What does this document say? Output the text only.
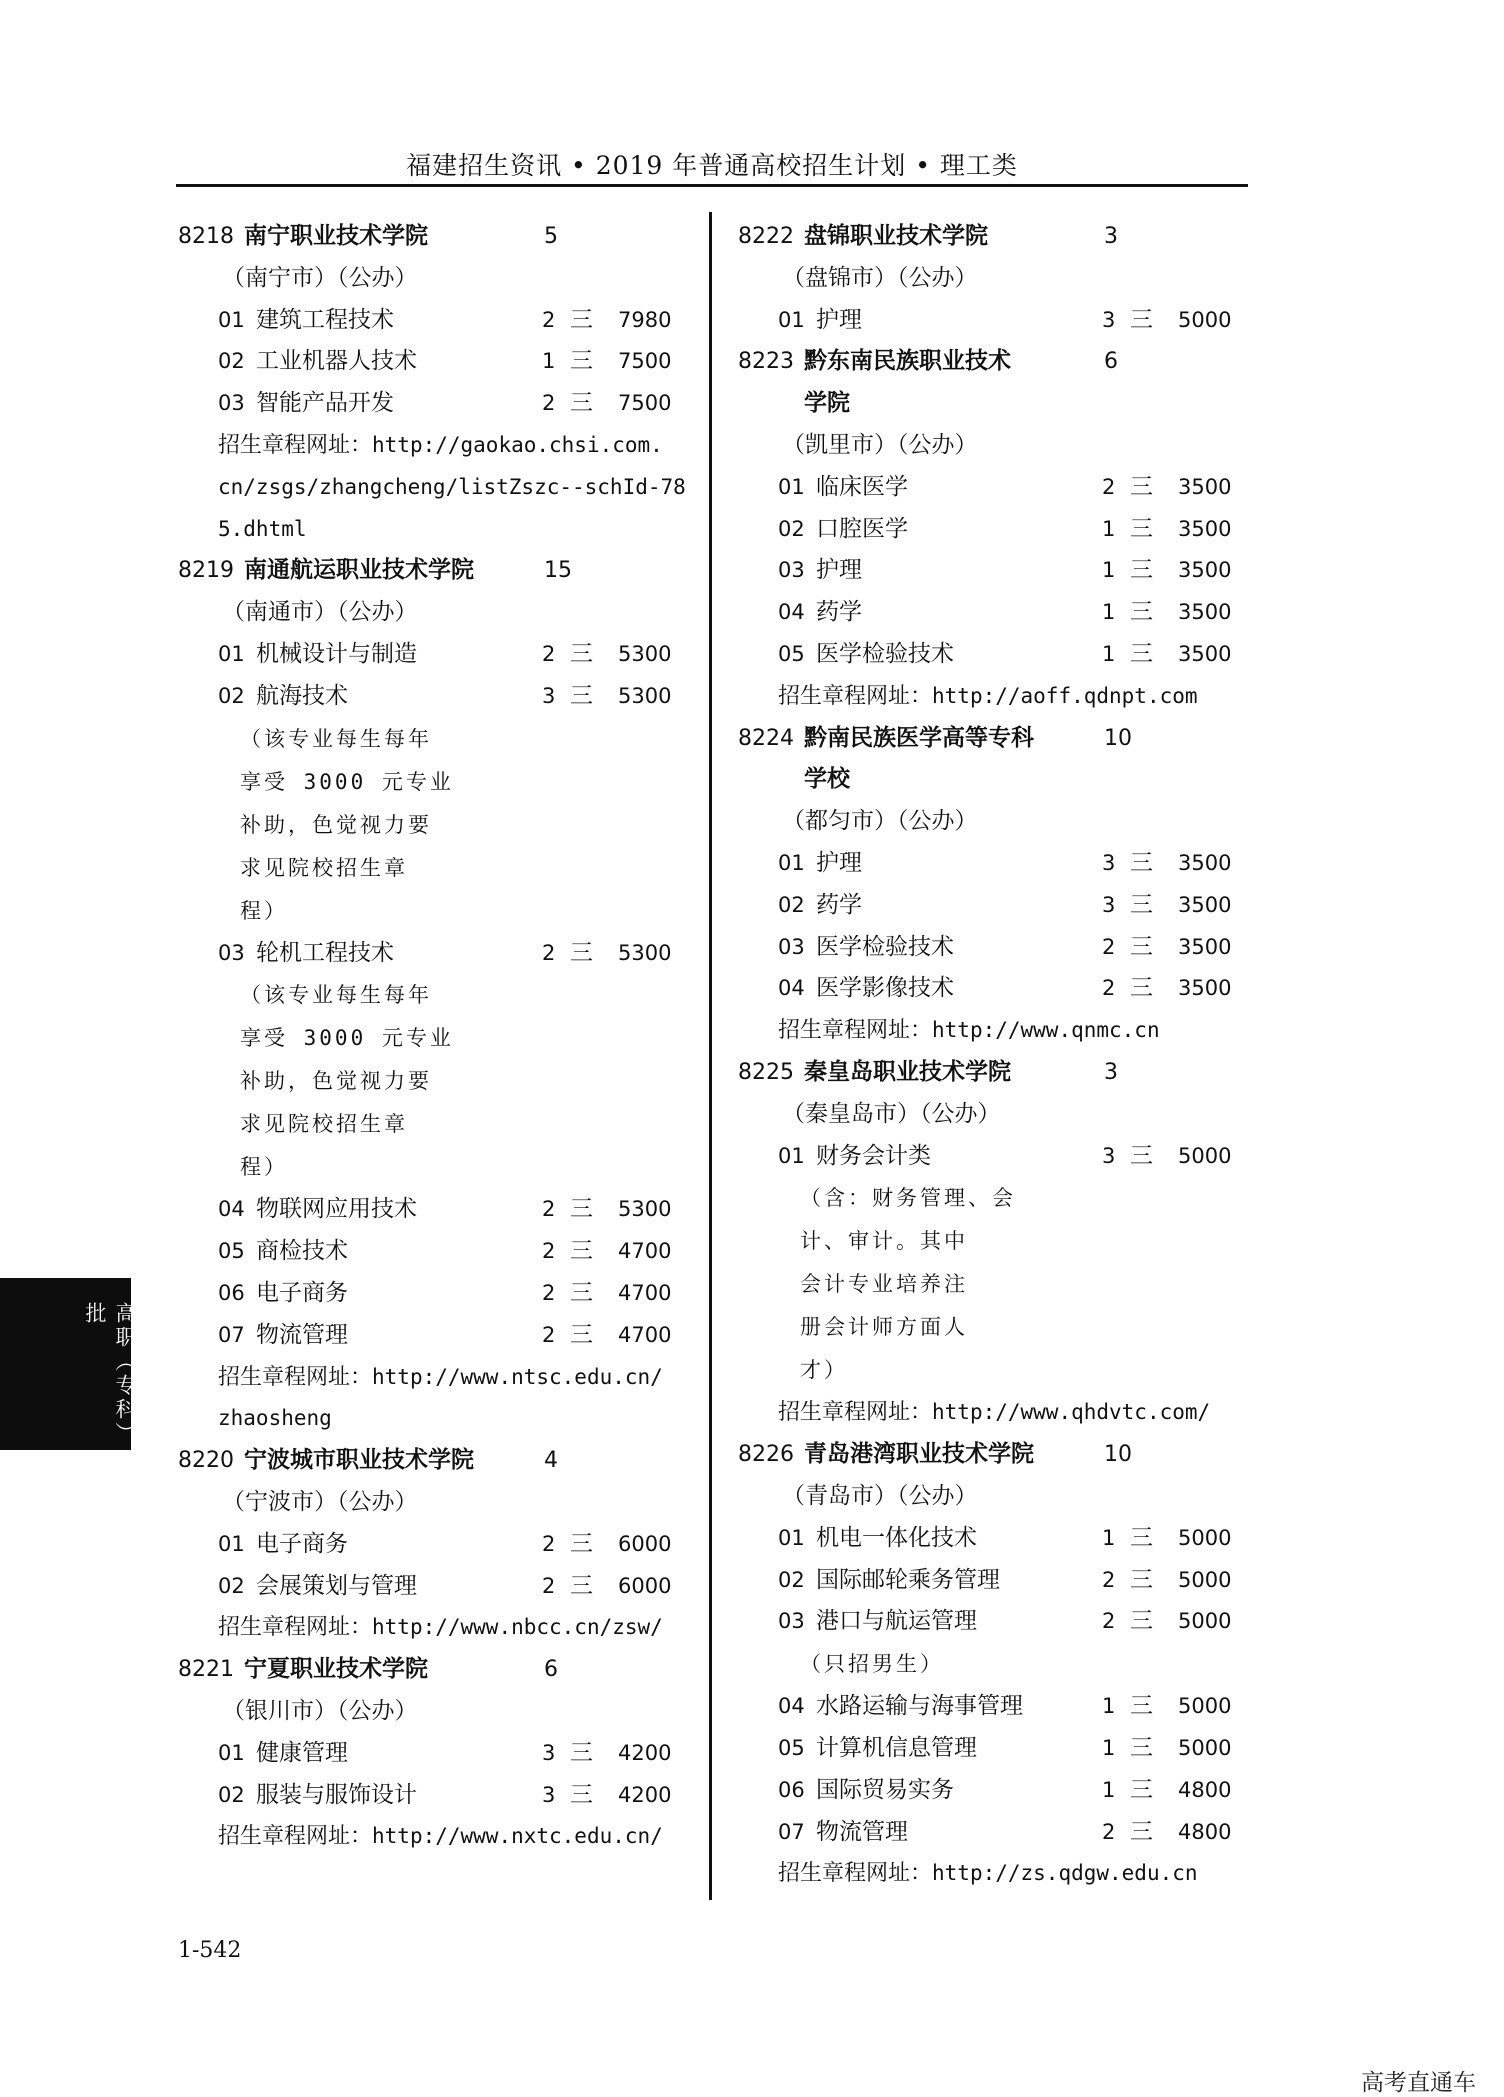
福建招生资讯 • 2019 年普通高校招生计划 • 理工类
8218 南宁职业技术学院	5
（南宁市）（公办）
01 建筑工程技术	2 三 7980
02 工业机器人技术	1 三 7500
03 智能产品开发	2 三 7500
招生章程网址：http://gaokao.chsi.com.
cn/zsgs/zhangcheng/listZszc--schId-78
5.dhtml
8219 南通航运职业技术学院	15
（南通市）（公办）
01 机械设计与制造	2 三 5300
02 航海技术	3 三 5300
（该专业每生每年
享受 3000 元专业
补助，色觉视力要
求见院校招生章
程）
03 轮机工程技术	2 三 5300
（该专业每生每年
享受 3000 元专业
补助，色觉视力要
求见院校招生章
程）
04 物联网应用技术	2 三 5300
05 商检技术	2 三 4700
06 电子商务	2 三 4700
07 物流管理	2 三 4700
招生章程网址：http://www.ntsc.edu.cn/
zhaosheng
8220 宁波城市职业技术学院	4
（宁波市）（公办）
01 电子商务	2 三 6000
02 会展策划与管理	2 三 6000
招生章程网址：http://www.nbcc.cn/zsw/
8221 宁夏职业技术学院	6
（银川市）（公办）
01 健康管理	3 三 4200
02 服装与服饰设计	3 三 4200
招生章程网址：http://www.nxtc.edu.cn/
8222 盘锦职业技术学院	3
（盘锦市）（公办）
01 护理	3 三 5000
8223 黔东南民族职业技术	6
学院
（凯里市）（公办）
01 临床医学	2 三 3500
02 口腔医学	1 三 3500
03 护理	1 三 3500
04 药学	1 三 3500
05 医学检验技术	1 三 3500
招生章程网址：http://aoff.qdnpt.com
8224 黔南民族医学高等专科	10
学校
（都匀市）（公办）
01 护理	3 三 3500
02 药学	3 三 3500
03 医学检验技术	2 三 3500
04 医学影像技术	2 三 3500
招生章程网址：http://www.qnmc.cn
8225 秦皇岛职业技术学院	3
（秦皇岛市）（公办）
01 财务会计类	3 三 5000
（含：财务管理、会
计、审计。其中
会计专业培养注
册会计师方面人
才）
招生章程网址：http://www.qhdvtc.com/
8226 青岛港湾职业技术学院	10
（青岛市）（公办）
01 机电一体化技术	1 三 5000
02 国际邮轮乘务管理	2 三 5000
03 港口与航运管理	2 三 5000
（只招男生）
04 水路运输与海事管理	1 三 5000
05 计算机信息管理	1 三 5000
06 国际贸易实务	1 三 4800
07 物流管理	2 三 4800
招生章程网址：http://zs.qdgw.edu.cn
高职（专科）批
1-542
高考直通车
